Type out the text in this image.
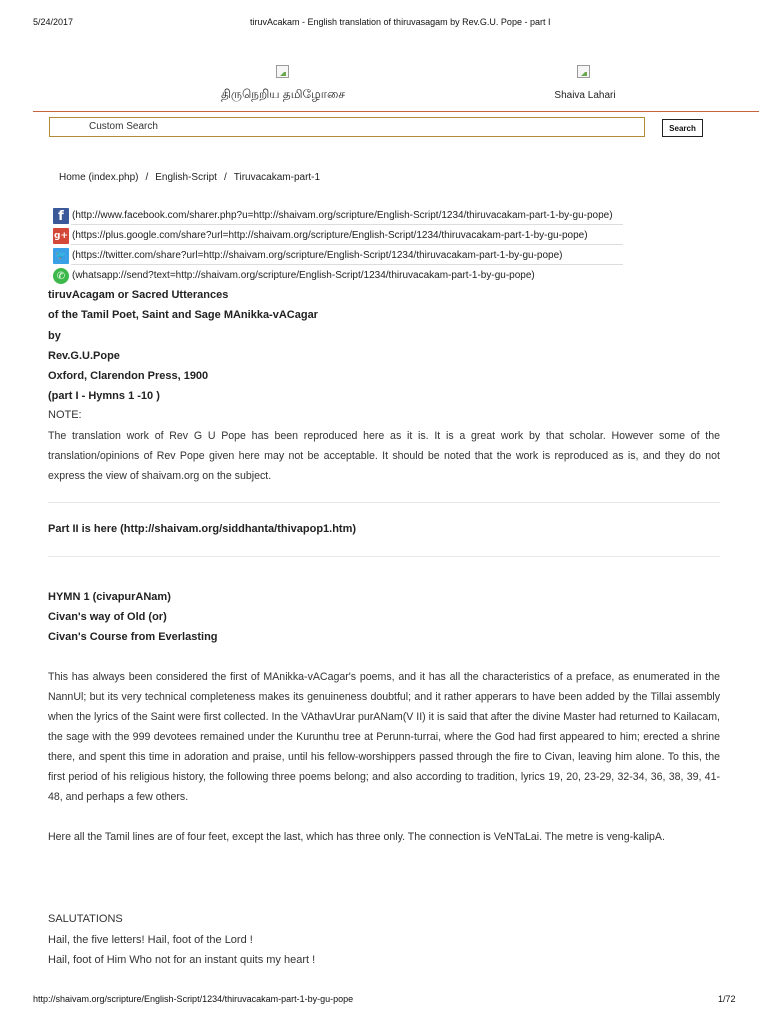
5/24/2017	tiruvAcakam - English translation of thiruvasagam by Rev.G.U. Pope - part I
திருநெறிய தமிழோசை	Shaiva Lahari
Custom Search	Search
Home (index.php) / English-Script / Tiruvacakam-part-1
f (http://www.facebook.com/sharer.php?u=http://shaivam.org/scripture/English-Script/1234/thiruvacakam-part-1-by-gu-pope)
g+ (https://plus.google.com/share?url=http://shaivam.org/scripture/English-Script/1234/thiruvacakam-part-1-by-gu-pope)
🐦 (https://twitter.com/share?url=http://shaivam.org/scripture/English-Script/1234/thiruvacakam-part-1-by-gu-pope)
✆ (whatsapp://send?text=http://shaivam.org/scripture/English-Script/1234/thiruvacakam-part-1-by-gu-pope)
tiruvAcagam or Sacred Utterances
of the Tamil Poet, Saint and Sage MAnikka-vACagar
by
Rev.G.U.Pope
Oxford, Clarendon Press, 1900
(part I - Hymns 1 -10 )
NOTE:
The translation work of Rev G U Pope has been reproduced here as it is. It is a great work by that scholar. However some of the translation/opinions of Rev Pope given here may not be acceptable. It should be noted that the work is reproduced as is, and they do not express the view of shaivam.org on the subject.
Part II is here (http://shaivam.org/siddhanta/thivapop1.htm)
HYMN 1 (civapurANam)
Civan's way of Old (or)
Civan's Course from Everlasting
This has always been considered the first of MAnikka-vACagar's poems, and it has all the characteristics of a preface, as enumerated in the NannUl; but its very technical completeness makes its genuineness doubtful; and it rather apperars to have been added by the Tillai assembly when the lyrics of the Saint were first collected. In the VAthavUrar purANam(V II) it is said that after the divine Master had returned to Kailacam, the sage with the 999 devotees remained under the Kurunthu tree at Perunn-turrai, where the God had first appeared to him; erected a shrine there, and spent this time in adoration and praise, until his fellow-worshippers passed through the fire to Civan, leaving him alone. To this, the first period of his religious history, the following three poems belong; and also according to tradition, lyrics 19, 20, 23-29, 32-34, 36, 38, 39, 41-48, and perhaps a few others.
Here all the Tamil lines are of four feet, except the last, which has three only. The connection is VeNTaLai. The metre is veng-kalipA.
SALUTATIONS
Hail, the five letters! Hail, foot of the Lord !
Hail, foot of Him Who not for an instant quits my heart !
http://shaivam.org/scripture/English-Script/1234/thiruvacakam-part-1-by-gu-pope	1/72
